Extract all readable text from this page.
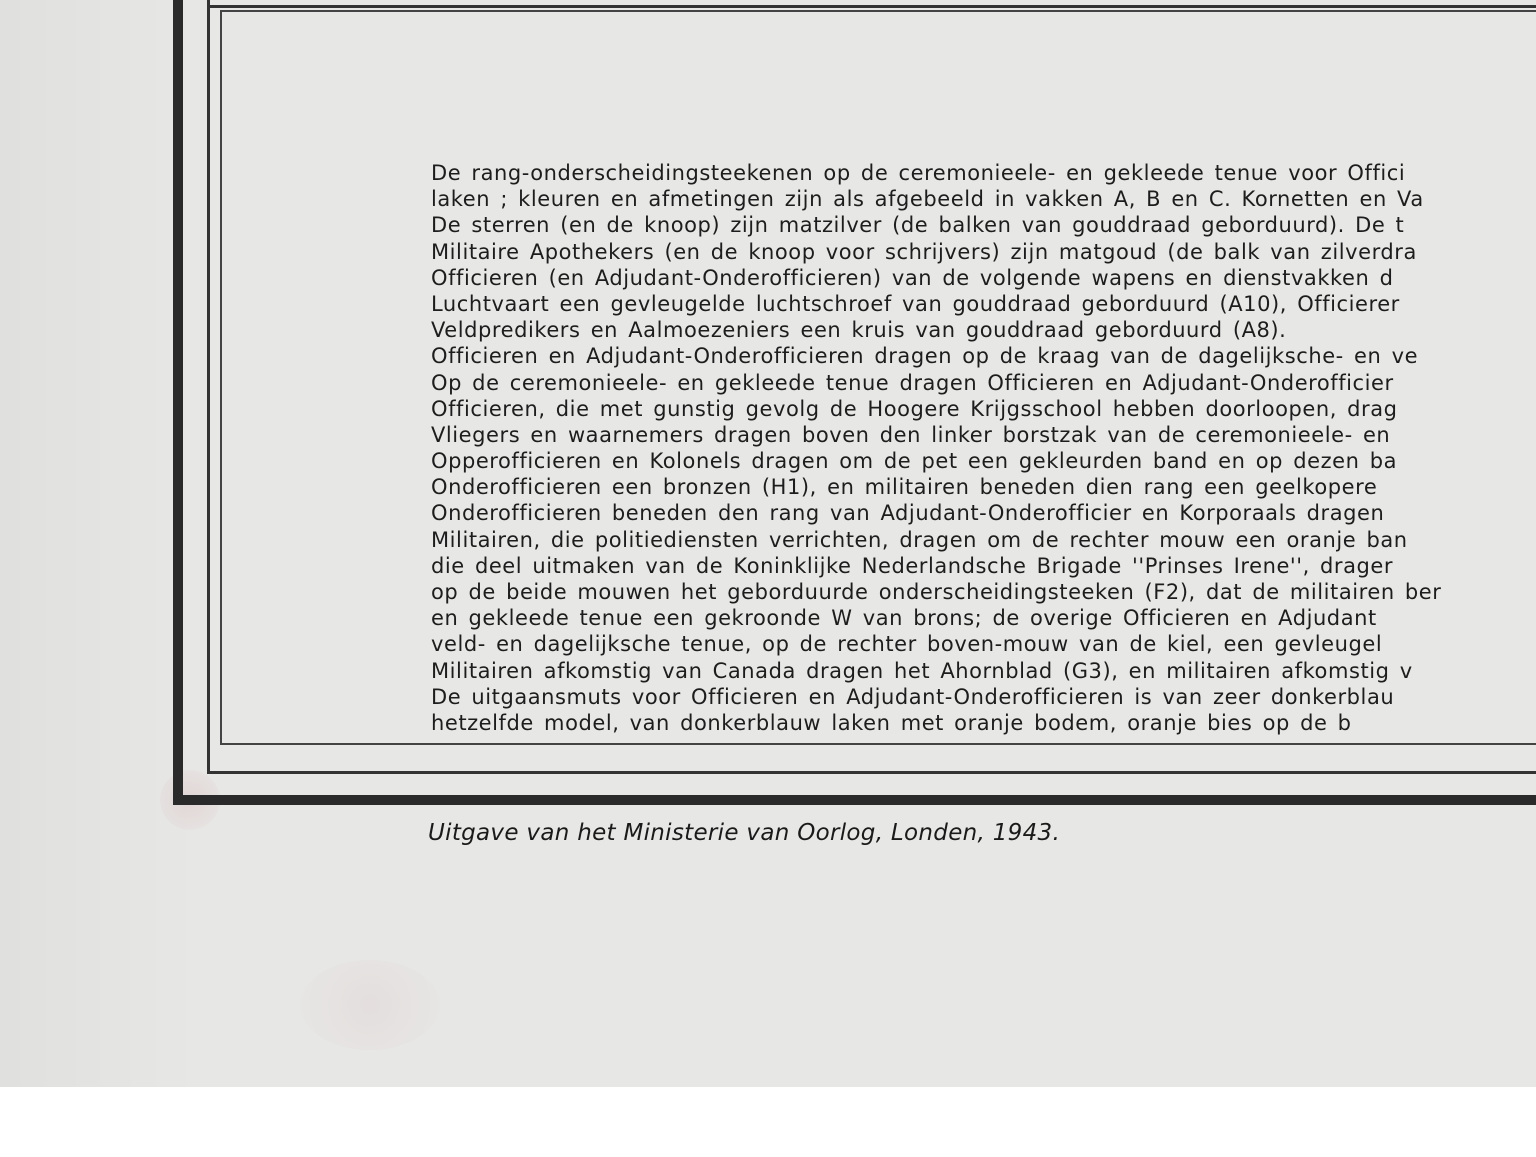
De rang-onderscheidingsteekenen op de ceremonieele- en gekleede tenue voor Offici
laken ; kleuren en afmetingen zijn als afgebeeld in vakken A, B en C. Kornetten en Va
De sterren (en de knoop) zijn matzilver (de balken van gouddraad geborduurd). De t
Militaire Apothekers (en de knoop voor schrijvers) zijn matgoud (de balk van zilverdra
Officieren (en Adjudant-Onderofficieren) van de volgende wapens en dienstvakken d
Luchtvaart een gevleugelde luchtschroef van gouddraad geborduurd (A10), Officierer
Veldpredikers en Aalmoezeniers een kruis van gouddraad geborduurd (A8).
Officieren en Adjudant-Onderofficieren dragen op de kraag van de dagelijksche- en ve
Op de ceremonieele- en gekleede tenue dragen Officieren en Adjudant-Onderofficier
Officieren, die met gunstig gevolg de Hoogere Krijgsschool hebben doorloopen, drag
Vliegers en waarnemers dragen boven den linker borstzak van de ceremonieele- en
Opperofficieren en Kolonels dragen om de pet een gekleurden band en op dezen ba
Onderofficieren een bronzen (H1), en militairen beneden dien rang een geelkopere
Onderofficieren beneden den rang van Adjudant-Onderofficier en Korporaals dragen
Militairen, die politiediensten verrichten, dragen om de rechter mouw een oranje ban
die deel uitmaken van de Koninklijke Nederlandsche Brigade ''Prinses Irene'', drager
op de beide mouwen het geborduurde onderscheidingsteeken (F2), dat de militairen ber
en gekleede tenue een gekroonde W van brons; de overige Officieren en Adjudant
veld- en dagelijksche tenue, op de rechter boven-mouw van de kiel, een gevleugel
Militairen afkomstig van Canada dragen het Ahornblad (G3), en militairen afkomstig v
De uitgaansmuts voor Officieren en Adjudant-Onderofficieren is van zeer donkerblau
hetzelfde model, van donkerblauw laken met oranje bodem, oranje bies op de b
Uitgave van het Ministerie van Oorlog, Londen, 1943.
